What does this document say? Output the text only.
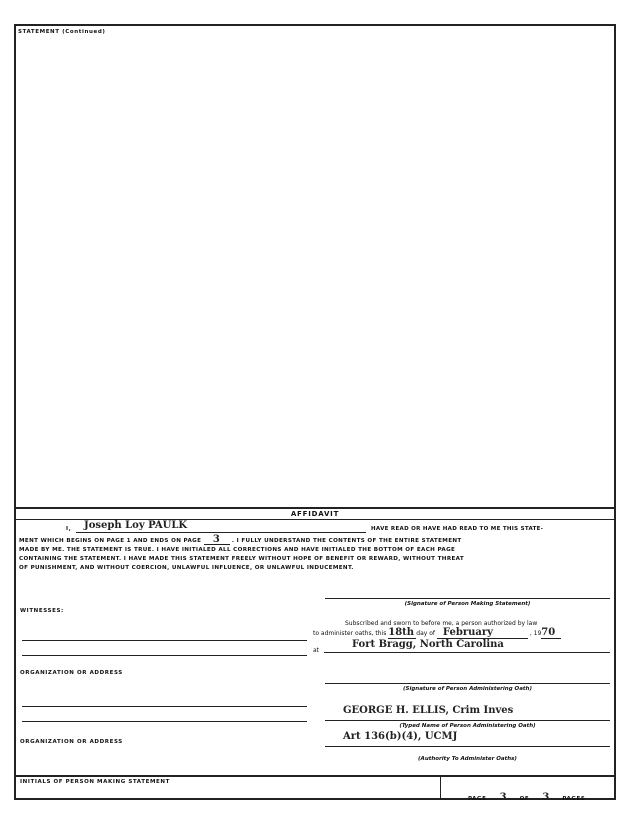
STATEMENT (Continued)
AFFIDAVIT
I, Joseph Loy PAULK	HAVE READ OR HAVE HAD READ TO ME THIS STATE-
MENT WHICH BEGINS ON PAGE 1 AND ENDS ON PAGE 3 . I FULLY UNDERSTAND THE CONTENTS OF THE ENTIRE STATEMENT
MADE BY ME. THE STATEMENT IS TRUE. I HAVE INITIALED ALL CORRECTIONS AND HAVE INITIALED THE BOTTOM OF EACH PAGE
CONTAINING THE STATEMENT. I HAVE MADE THIS STATEMENT FREELY WITHOUT HOPE OF BENEFIT OR REWARD, WITHOUT THREAT
OF PUNISHMENT, AND WITHOUT COERCION, UNLAWFUL INFLUENCE, OR UNLAWFUL INDUCEMENT.
(Signature of Person Making Statement)
WITNESSES:
ORGANIZATION OR ADDRESS
ORGANIZATION OR ADDRESS
Subscribed and sworn to before me, a person authorized by law
to administer oaths, this 18th day of February	, 1970
at
Fort Bragg, North Carolina
(Signature of Person Administering Oath)
GEORGE H. ELLIS, Crim Inves
(Typed Name of Person Administering Oath)
Art 136(b)(4), UCMJ
(Authority To Administer Oaths)
INITIALS OF PERSON MAKING STATEMENT
PAGE 3 OF 3 PAGES
